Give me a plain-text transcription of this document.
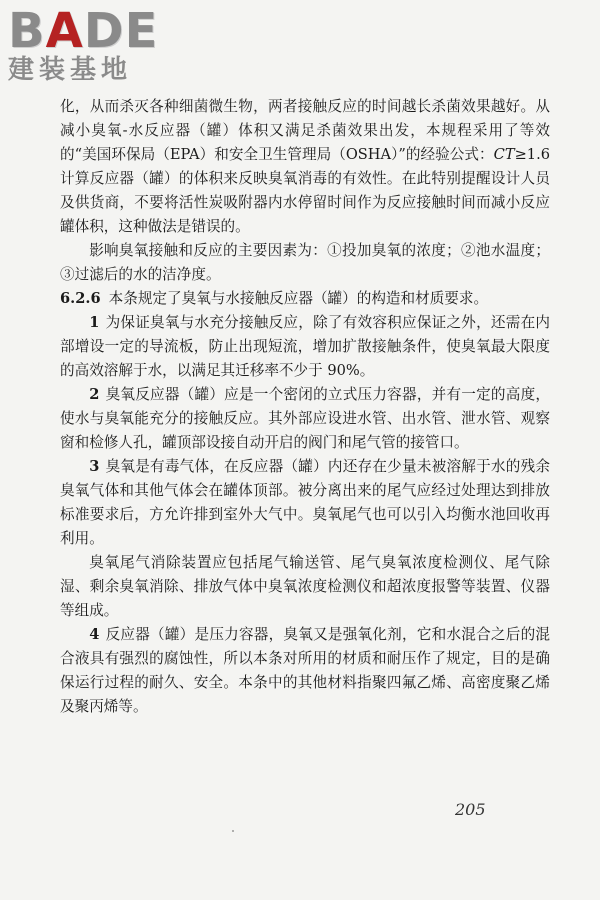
BADE
建装基地

化，从而杀灭各种细菌微生物，两者接触反应的时间越长杀菌效果越好。从减小臭氧-水反应器（罐）体积又满足杀菌效果出发，本规程采用了等效的“美国环保局（EPA）和安全卫生管理局（OSHA）”的经验公式：CT≥1.6 计算反应器（罐）的体积来反映臭氧消毒的有效性。在此特别提醒设计人员及供货商，不要将活性炭吸附器内水停留时间作为反应接触时间而减小反应罐体积，这种做法是错误的。

影响臭氧接触和反应的主要因素为：①投加臭氧的浓度；②池水温度；③过滤后的水的洁净度。

6.2.6 本条规定了臭氧与水接触反应器（罐）的构造和材质要求。

1 为保证臭氧与水充分接触反应，除了有效容积应保证之外，还需在内部增设一定的导流板，防止出现短流，增加扩散接触条件，使臭氧最大限度的高效溶解于水，以满足其迁移率不少于 90%。

2 臭氧反应器（罐）应是一个密闭的立式压力容器，并有一定的高度，使水与臭氧能充分的接触反应。其外部应设进水管、出水管、泄水管、观察窗和检修人孔，罐顶部设接自动开启的阀门和尾气管的接管口。

3 臭氧是有毒气体，在反应器（罐）内还存在少量未被溶解于水的残余臭氧气体和其他气体会在罐体顶部。被分离出来的尾气应经过处理达到排放标准要求后，方允许排到室外大气中。臭氧尾气也可以引入均衡水池回收再利用。

臭氧尾气消除装置应包括尾气输送管、尾气臭氧浓度检测仪、尾气除湿、剩余臭氧消除、排放气体中臭氧浓度检测仪和超浓度报警等装置、仪器等组成。

4 反应器（罐）是压力容器，臭氧又是强氧化剂，它和水混合之后的混合液具有强烈的腐蚀性，所以本条对所用的材质和耐压作了规定，目的是确保运行过程的耐久、安全。本条中的其他材料指聚四氟乙烯、高密度聚乙烯及聚丙烯等。

205
